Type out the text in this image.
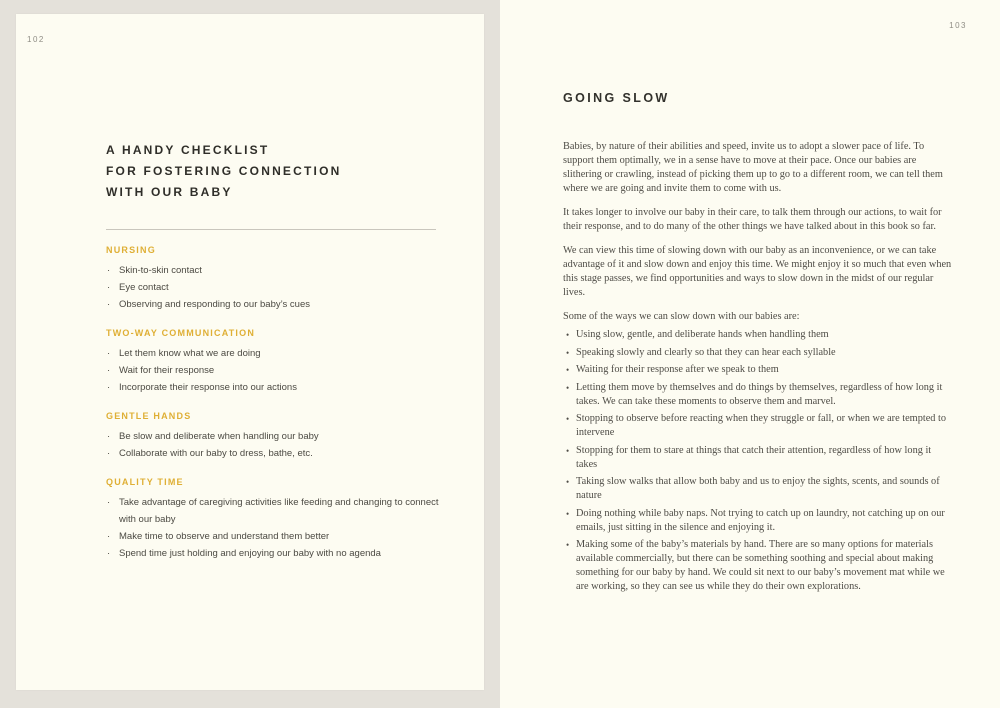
102
A HANDY CHECKLIST
FOR FOSTERING CONNECTION
WITH OUR BABY
NURSING
· Skin-to-skin contact
· Eye contact
· Observing and responding to our baby’s cues
TWO-WAY COMMUNICATION
· Let them know what we are doing
· Wait for their response
· Incorporate their response into our actions
GENTLE HANDS
· Be slow and deliberate when handling our baby
· Collaborate with our baby to dress, bathe, etc.
QUALITY TIME
· Take advantage of caregiving activities like feeding and changing to connect with our baby
· Make time to observe and understand them better
· Spend time just holding and enjoying our baby with no agenda
103
GOING SLOW

Babies, by nature of their abilities and speed, invite us to adopt a slower pace of life. To support them optimally, we in a sense have to move at their pace. Once our babies are slithering or crawling, instead of picking them up to go to a different room, we can tell them where we are going and invite them to come with us.

It takes longer to involve our baby in their care, to talk them through our actions, to wait for their response, and to do many of the other things we have talked about in this book so far.

We can view this time of slowing down with our baby as an inconvenience, or we can take advantage of it and slow down and enjoy this time. We might enjoy it so much that even when this stage passes, we find opportunities and ways to slow down in the midst of our regular lives.

Some of the ways we can slow down with our babies are:

• Using slow, gentle, and deliberate hands when handling them
• Speaking slowly and clearly so that they can hear each syllable
• Waiting for their response after we speak to them
• Letting them move by themselves and do things by themselves, regardless of how long it takes. We can take these moments to observe them and marvel.
• Stopping to observe before reacting when they struggle or fall, or when we are tempted to intervene
• Stopping for them to stare at things that catch their attention, regardless of how long it takes
• Taking slow walks that allow both baby and us to enjoy the sights, scents, and sounds of nature
• Doing nothing while baby naps. Not trying to catch up on laundry, not catching up on our emails, just sitting in the silence and enjoying it.
• Making some of the baby’s materials by hand. There are so many options for materials available commercially, but there can be something soothing and special about making something for our baby by hand. We could sit next to our baby’s movement mat while we are working, so they can see us while they do their own explorations.
